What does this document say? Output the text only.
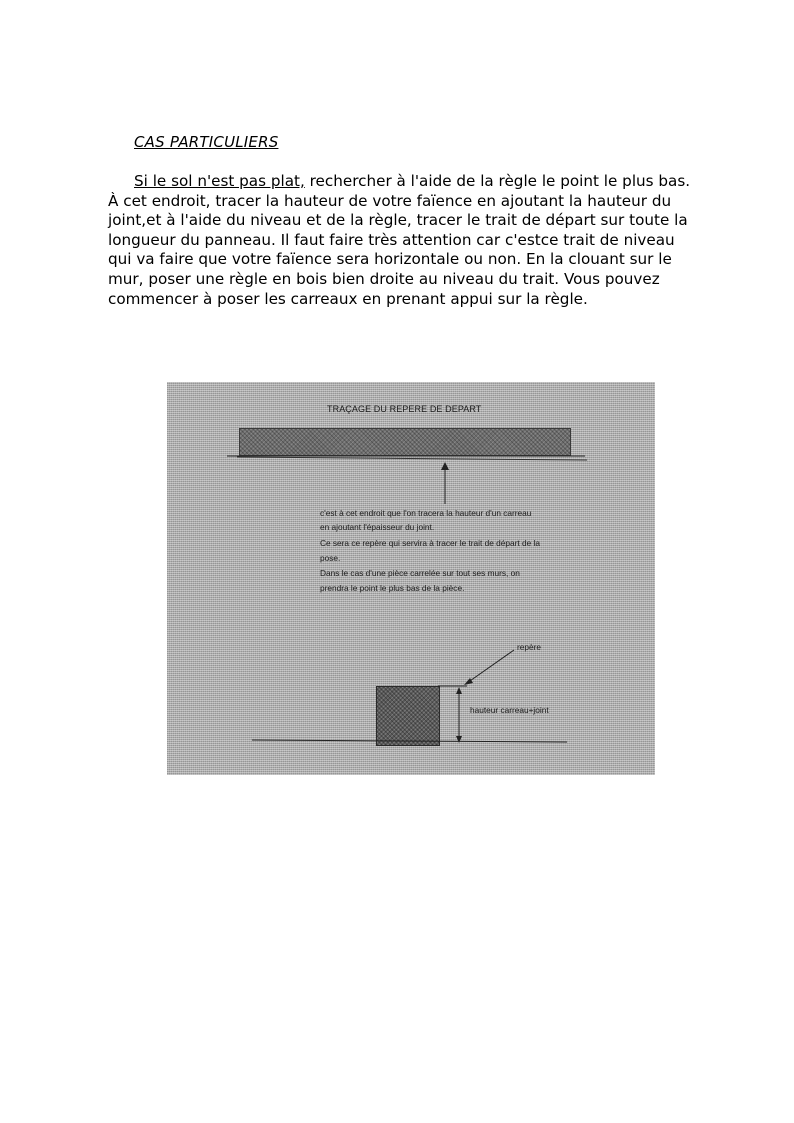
CAS PARTICULIERS

Si le sol n'est pas plat, rechercher à l'aide de la règle le point le plus bas. À cet endroit, tracer la hauteur de votre faïence en ajoutant la hauteur du joint,et à l'aide du niveau et de la règle, tracer le trait de départ sur toute la longueur du panneau. Il faut faire très attention car c'estce trait de niveau qui va faire que votre faïence sera horizontale ou non. En la clouant sur le mur, poser une règle en bois bien droite au niveau du trait. Vous pouvez commencer à poser les carreaux en prenant appui sur la règle.

TRAÇAGE DU REPERE DE DEPART
c'est à cet endroit que l'on tracera la hauteur d'un carreau
en ajoutant l'épaisseur du joint.
Ce sera ce repère qui servira à tracer le trait de départ de la
pose.
Dans le cas d'une pièce carrelée sur tout ses murs, on
prendra le point le plus bas de la pièce.
repère
hauteur carreau+joint
